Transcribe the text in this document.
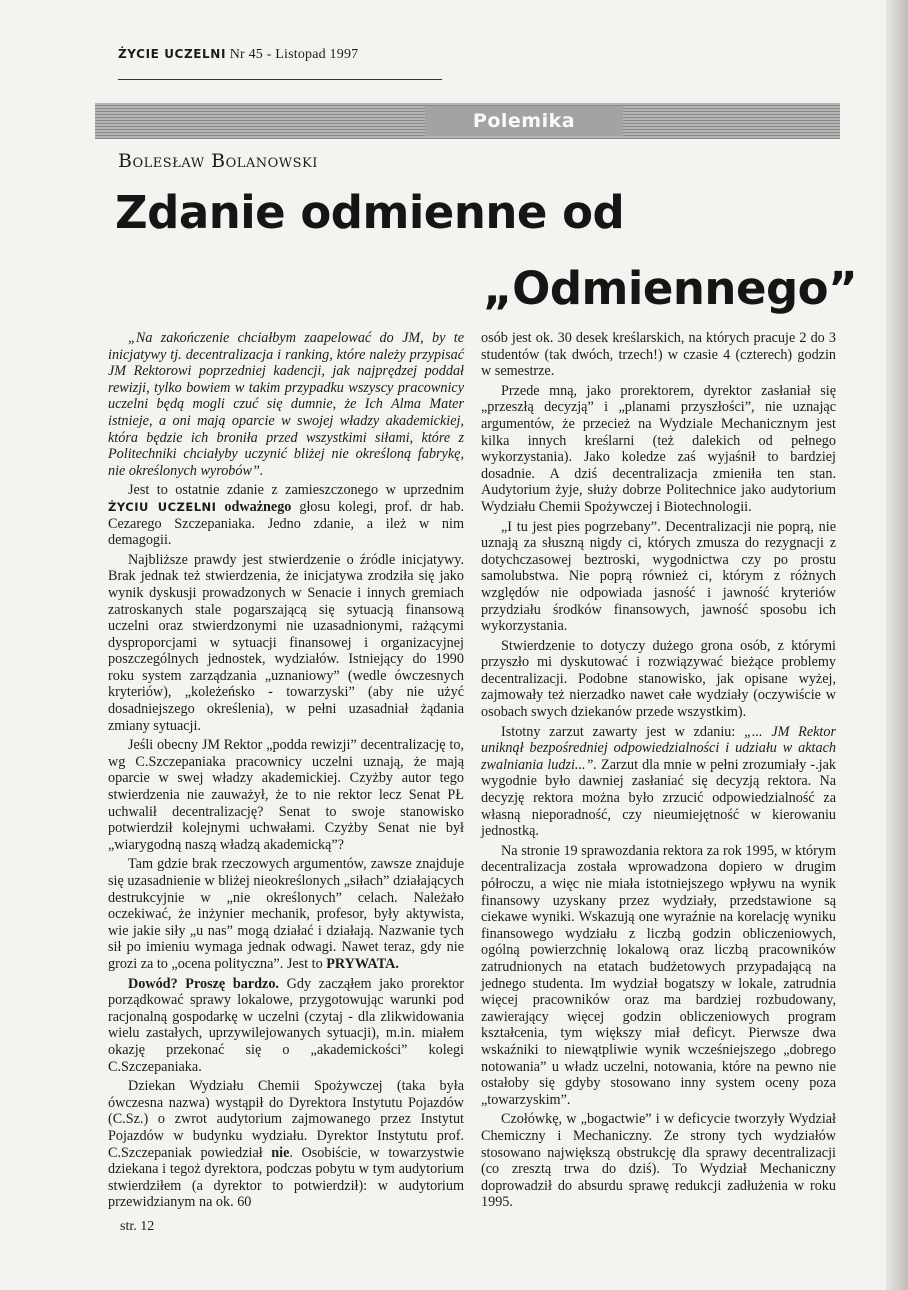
ŻYCIE UCZELNI Nr 45 - Listopad 1997
Polemika
Bolesław Bolanowski
Zdanie odmienne od
„Odmiennego”

„Na zakończenie chciałbym zaapelować do JM, by te inicjatywy tj. decentralizacja i ranking, które należy przypisać JM Rektorowi poprzedniej kadencji, jak najprędzej poddał rewizji, tylko bowiem w takim przypadku wszyscy pracownicy uczelni będą mogli czuć się dumnie, że Ich Alma Mater istnieje, a oni mają oparcie w swojej władzy akademickiej, która będzie ich broniła przed wszystkimi siłami, które z Politechniki chciałyby uczynić bliżej nie określoną fabrykę, nie określonych wyrobów”.

Jest to ostatnie zdanie z zamieszczonego w uprzednim ŻYCIU UCZELNI odważnego głosu kolegi, prof. dr hab. Cezarego Szczepaniaka. Jedno zdanie, a ileż w nim demagogii.

Najbliższe prawdy jest stwierdzenie o źródle inicjatywy. Brak jednak też stwierdzenia, że inicjatywa zrodziła się jako wynik dyskusji prowadzonych w Senacie i innych gremiach zatroskanych stale pogarszającą się sytuacją finansową uczelni oraz stwierdzonymi nie uzasadnionymi, rażącymi dysproporcjami w sytuacji finansowej i organizacyjnej poszczególnych jednostek, wydziałów. Istniejący do 1990 roku system zarządzania „uznaniowy” (wedle ówczesnych kryteriów), „koleżeńsko - towarzyski” (aby nie użyć dosadniejszego określenia), w pełni uzasadniał żądania zmiany sytuacji.

Jeśli obecny JM Rektor „podda rewizji” decentralizację to, wg C.Szczepaniaka pracownicy uczelni uznają, że mają oparcie w swej władzy akademickiej. Czyżby autor tego stwierdzenia nie zauważył, że to nie rektor lecz Senat PŁ uchwalił decentralizację? Senat to swoje stanowisko potwierdził kolejnymi uchwałami. Czyżby Senat nie był „wiarygodną naszą władzą akademicką”?

Tam gdzie brak rzeczowych argumentów, zawsze znajduje się uzasadnienie w bliżej nieokreślonych „siłach” działających destrukcyjnie w „nie określonych” celach. Należało oczekiwać, że inżynier mechanik, profesor, były aktywista, wie jakie siły „u nas” mogą działać i działają. Nazwanie tych sił po imieniu wymaga jednak odwagi. Nawet teraz, gdy nie grozi za to „ocena polityczna”. Jest to PRYWATA.

Dowód? Proszę bardzo. Gdy zacząłem jako prorektor porządkować sprawy lokalowe, przygotowując warunki pod racjonalną gospodarkę w uczelni (czytaj - dla zlikwidowania wielu zastałych, uprzywilejowanych sytuacji), m.in. miałem okazję przekonać się o „akademickości” kolegi C.Szczepaniaka.

Dziekan Wydziału Chemii Spożywczej (taka była ówczesna nazwa) wystąpił do Dyrektora Instytutu Pojazdów (C.Sz.) o zwrot audytorium zajmowanego przez Instytut Pojazdów w budynku wydziału. Dyrektor Instytutu prof. C.Szczepaniak powiedział nie. Osobiście, w towarzystwie dziekana i tegoż dyrektora, podczas pobytu w tym audytorium stwierdziłem (a dyrektor to potwierdził): w audytorium przewidzianym na ok. 60

osób jest ok. 30 desek kreślarskich, na których pracuje 2 do 3 studentów (tak dwóch, trzech!) w czasie 4 (czterech) godzin w semestrze.

Przede mną, jako prorektorem, dyrektor zasłaniał się „przeszłą decyzją” i „planami przyszłości”, nie uznając argumentów, że przecież na Wydziale Mechanicznym jest kilka innych kreślarni (też dalekich od pełnego wykorzystania). Jako koledze zaś wyjaśnił to bardziej dosadnie. A dziś decentralizacja zmieniła ten stan. Audytorium żyje, służy dobrze Politechnice jako audytorium Wydziału Chemii Spożywczej i Biotechnologii.

„I tu jest pies pogrzebany”. Decentralizacji nie poprą, nie uznają za słuszną nigdy ci, których zmusza do rezygnacji z dotychczasowej beztroski, wygodnictwa czy po prostu samolubstwa. Nie poprą również ci, którym z różnych względów nie odpowiada jasność i jawność kryteriów przydziału środków finansowych, jawność sposobu ich wykorzystania.

Stwierdzenie to dotyczy dużego grona osób, z którymi przyszło mi dyskutować i rozwiązywać bieżące problemy decentralizacji. Podobne stanowisko, jak opisane wyżej, zajmowały też nierzadko nawet całe wydziały (oczywiście w osobach swych dziekanów przede wszystkim).

Istotny zarzut zawarty jest w zdaniu: „... JM Rektor uniknął bezpośredniej odpowiedzialności i udziału w aktach zwalniania ludzi...”. Zarzut dla mnie w pełni zrozumiały -.jak wygodnie było dawniej zasłaniać się decyzją rektora. Na decyzję rektora można było zrzucić odpowiedzialność za własną nieporadność, czy nieumiejętność w kierowaniu jednostką.

Na stronie 19 sprawozdania rektora za rok 1995, w którym decentralizacja została wprowadzona dopiero w drugim półroczu, a więc nie miała istotniejszego wpływu na wynik finansowy uzyskany przez wydziały, przedstawione są ciekawe wyniki. Wskazują one wyraźnie na korelację wyniku finansowego wydziału z liczbą godzin obliczeniowych, ogólną powierzchnię lokalową oraz liczbą pracowników zatrudnionych na etatach budżetowych przypadającą na jednego studenta. Im wydział bogatszy w lokale, zatrudnia więcej pracowników oraz ma bardziej rozbudowany, zawierający więcej godzin obliczeniowych program kształcenia, tym większy miał deficyt. Pierwsze dwa wskaźniki to niewątpliwie wynik wcześniejszego „dobrego notowania” u władz uczelni, notowania, które na pewno nie ostałoby się gdyby stosowano inny system oceny poza „towarzyskim”.

Czołówkę, w „bogactwie” i w deficycie tworzyły Wydział Chemiczny i Mechaniczny. Ze strony tych wydziałów stosowano największą obstrukcję dla sprawy decentralizacji (co zresztą trwa do dziś). To Wydział Mechaniczny doprowadził do absurdu sprawę redukcji zadłużenia w roku 1995.

str. 12
